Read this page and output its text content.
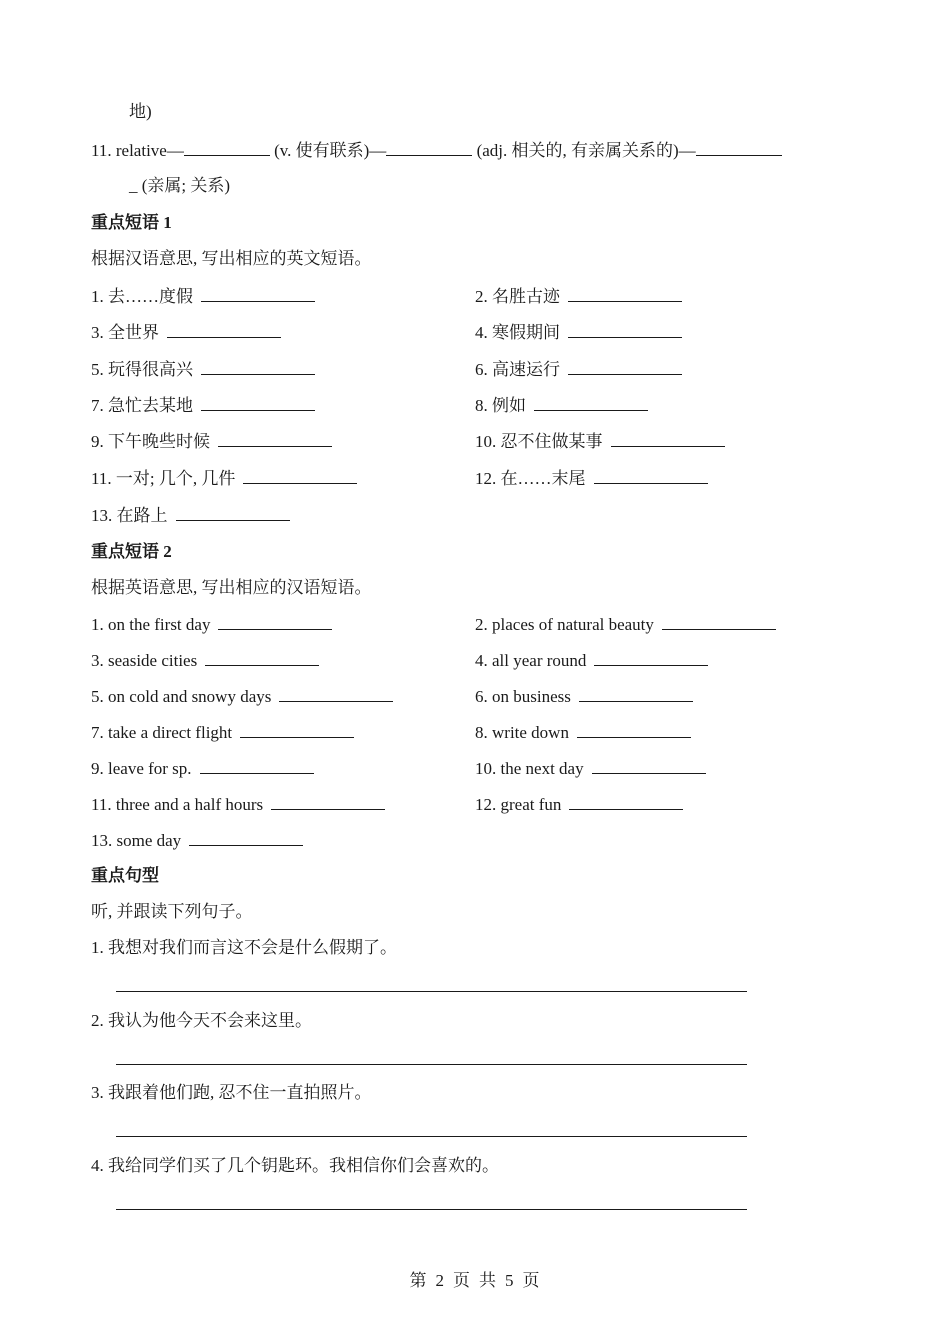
地)
11. relative—	(v. 使有联系)—	(adj. 相关的, 有亲属关系的)—
_ (亲属; 关系)
重点短语 1
根据汉语意思, 写出相应的英文短语。
1. 去……度假	2. 名胜古迹
3. 全世界	4. 寒假期间
5. 玩得很高兴	6. 高速运行
7. 急忙去某地	8. 例如
9. 下午晚些时候	10. 忍不住做某事
11. 一对; 几个, 几件	12. 在……末尾
13. 在路上
重点短语 2
根据英语意思, 写出相应的汉语短语。
1. on the first day	2. places of natural beauty
3. seaside cities	4. all year round
5. on cold and snowy days	6. on business
7. take a direct flight	8. write down
9. leave for sp.	10. the next day
11. three and a half hours	12. great fun
13. some day
重点句型
听, 并跟读下列句子。
1. 我想对我们而言这不会是什么假期了。
2. 我认为他今天不会来这里。
3. 我跟着他们跑, 忍不住一直拍照片。
4. 我给同学们买了几个钥匙环。我相信你们会喜欢的。
第 2 页 共 5 页
